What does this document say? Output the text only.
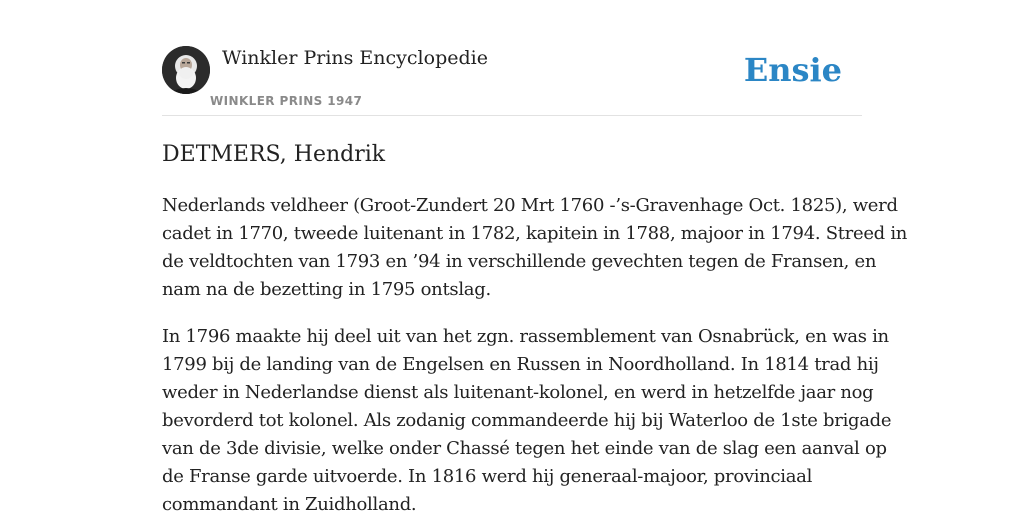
Winkler Prins Encyclopedie
WINKLER PRINS 1947
Ensie
DETMERS, Hendrik

Nederlands veldheer (Groot-Zundert 20 Mrt 1760 -’s-Gravenhage Oct. 1825), werd
cadet in 1770, tweede luitenant in 1782, kapitein in 1788, majoor in 1794. Streed in
de veldtochten van 1793 en ’94 in verschillende gevechten tegen de Fransen, en
nam na de bezetting in 1795 ontslag.

In 1796 maakte hij deel uit van het zgn. rassemblement van Osnabrück, en was in
1799 bij de landing van de Engelsen en Russen in Noordholland. In 1814 trad hij
weder in Nederlandse dienst als luitenant-kolonel, en werd in hetzelfde jaar nog
bevorderd tot kolonel. Als zodanig commandeerde hij bij Waterloo de 1ste brigade
van de 3de divisie, welke onder Chassé tegen het einde van de slag een aanval op
de Franse garde uitvoerde. In 1816 werd hij generaal-majoor, provinciaal
commandant in Zuidholland.
